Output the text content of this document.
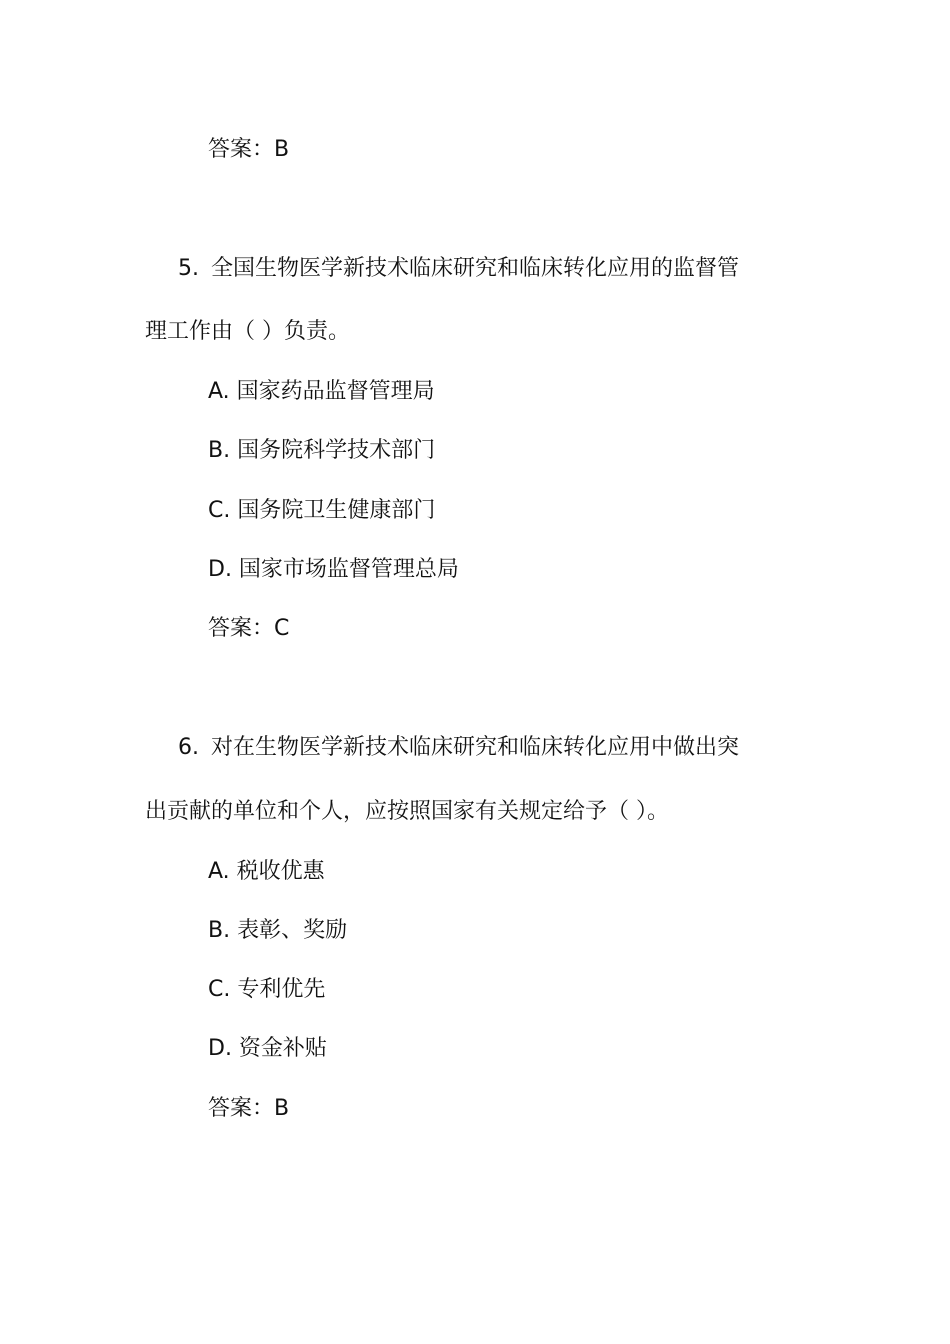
答案：B
5. 全国生物医学新技术临床研究和临床转化应用的监督管
理工作由（ ）负责。
A. 国家药品监督管理局
B. 国务院科学技术部门
C. 国务院卫生健康部门
D. 国家市场监督管理总局
答案：C
6. 对在生物医学新技术临床研究和临床转化应用中做出突
出贡献的单位和个人，应按照国家有关规定给予（ ）。
A. 税收优惠
B. 表彰、奖励
C. 专利优先
D. 资金补贴
答案：B
